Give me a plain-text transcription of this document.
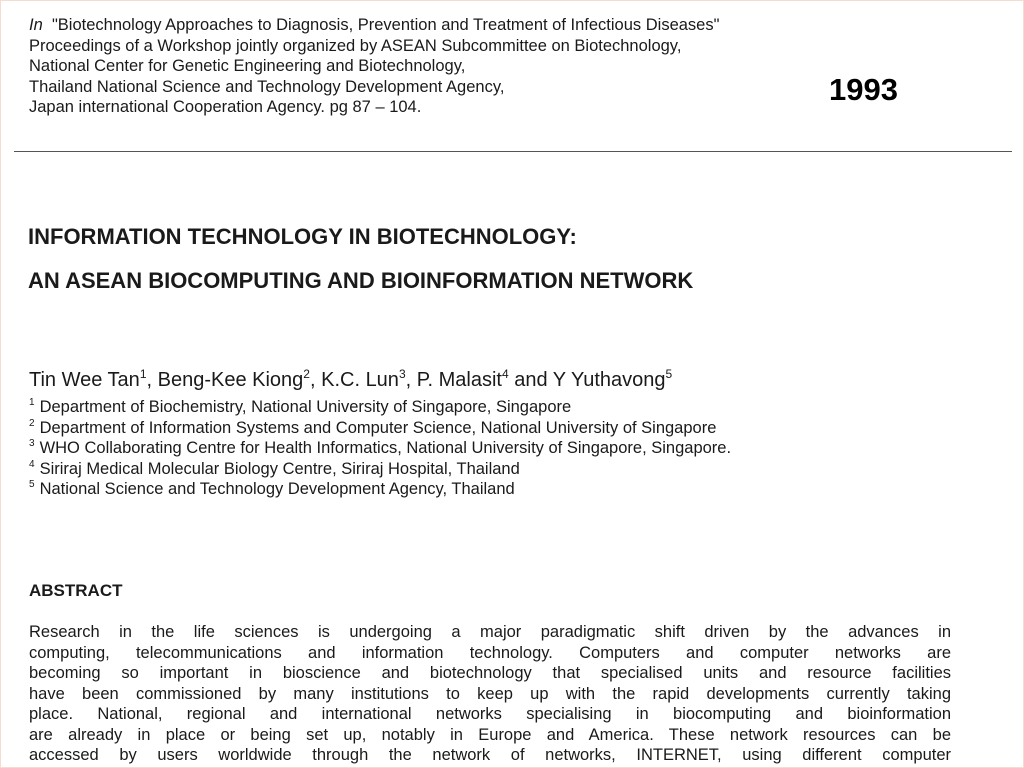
In "Biotechnology Approaches to Diagnosis, Prevention and Treatment of Infectious Diseases"
Proceedings of a Workshop jointly organized by ASEAN Subcommittee on Biotechnology,
National Center for Genetic Engineering and Biotechnology,
Thailand National Science and Technology Development Agency,
Japan international Cooperation Agency. pg 87 – 104.
1993
INFORMATION TECHNOLOGY IN BIOTECHNOLOGY:
AN ASEAN BIOCOMPUTING AND BIOINFORMATION NETWORK
Tin Wee Tan$^1$, Beng-Kee Kiong$^2$, K.C. Lun$^3$, P. Malasit$^4$ and Y Yuthavong$^5$
$^1$ Department of Biochemistry, National University of Singapore, Singapore
$^2$ Department of Information Systems and Computer Science, National University of Singapore
$^3$ WHO Collaborating Centre for Health Informatics, National University of Singapore, Singapore.
$^4$ Siriraj Medical Molecular Biology Centre, Siriraj Hospital, Thailand
$^5$ National Science and Technology Development Agency, Thailand
ABSTRACT
Research in the life sciences is undergoing a major paradigmatic shift driven by the advances in
computing, telecommunications and information technology. Computers and computer networks are
becoming so important in bioscience and biotechnology that specialised units and resource facilities
have been commissioned by many institutions to keep up with the rapid developments currently taking
place. National, regional and international networks specialising in biocomputing and bioinformation
are already in place or being set up, notably in Europe and America. These network resources can be
accessed by users worldwide through the network of networks, INTERNET, using different computer
